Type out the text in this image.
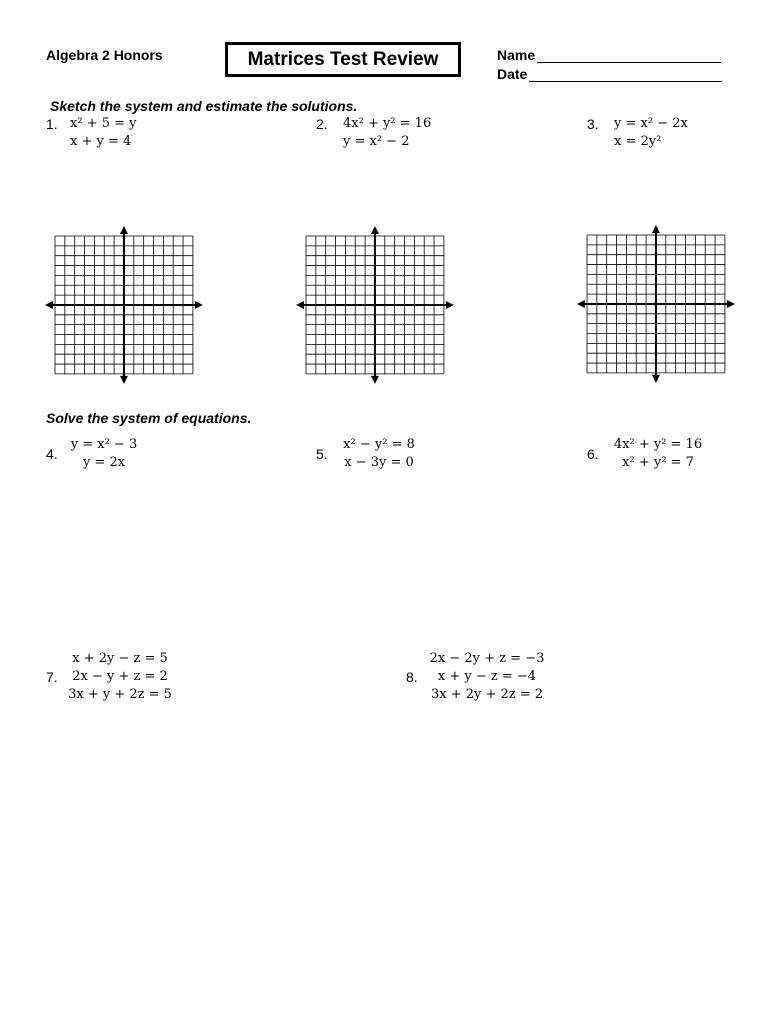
Algebra 2 Honors	Matrices Test Review	Name
Date
Sketch the system and estimate the solutions.
1. x² + 5 = y
x + y = 4
2. 4x² + y² = 16
y = x² − 2
3. y = x² − 2x
x = 2y²
Solve the system of equations.
4.
y = x² − 3
y = 2x
5.
x² − y² = 8
x − 3y = 0
6.
4x² + y² = 16
x² + y² = 7
7.
x + 2y − z = 5
2x − y + z = 2
3x + y + 2z = 5
8.
2x − 2y + z = −3
x + y − z = −4
3x + 2y + 2z = 2
